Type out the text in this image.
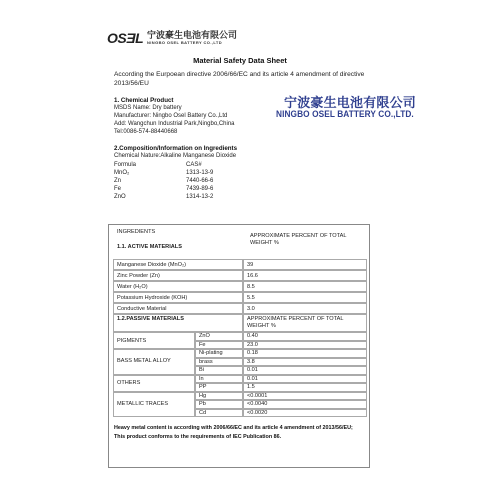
OSƎL 宁波豪生电池有限公司
NINGBO OSEL BATTERY CO.,LTD
Material Safety Data Sheet
According the Eurpoean directive 2006/66/EC and its article 4 amendment of directive 2013/56/EU
1. Chemical Product
MSDS Name: Dry battery
Manufacturer: Ningbo Osel Battery Co.,Ltd
Add: Wangchun Industrial Park,Ningbo,China
Tel:0086-574-88440668
宁波豪生电池有限公司
NINGBO OSEL BATTERY CO.,LTD.
2.Composition/Information on Ingredients
Chemical Nature:Alkaline Manganese Dioxide
Formula	CAS#
MnO₂	1313-13-9
Zn	7440-66-6
Fe	7439-89-6
ZnO	1314-13-2
INGREDIENTS
1.1. ACTIVE MATERIALS
APPROXIMATE PERCENT OF TOTAL WEIGHT %
Manganese Dioxide (MnO₂)	39
Zinc Powder (Zn)	16.6
Water (H₂O)	8.5
Potassium Hydroxide (KOH)	5.5
Conductive Material	3.0
1.2.PASSIVE MATERIALS	APPROXIMATE PERCENT OF TOTAL WEIGHT %
PIGMENTS
ZnO	0.40
Fe	23.0
BASS METAL ALLOY
Ni-plating	0.18
brass	3.8
Bi	0.01
OTHERS
In	0.01
PP	1.5
METALLIC TRACES
Hg	<0.0001
Pb	<0.0040
Cd	<0.0020
Heavy metal content is according with 2006/66/EC and its article 4 amendment of 2013/56/EU; This product conforms to the requirements of IEC Publication 86.
